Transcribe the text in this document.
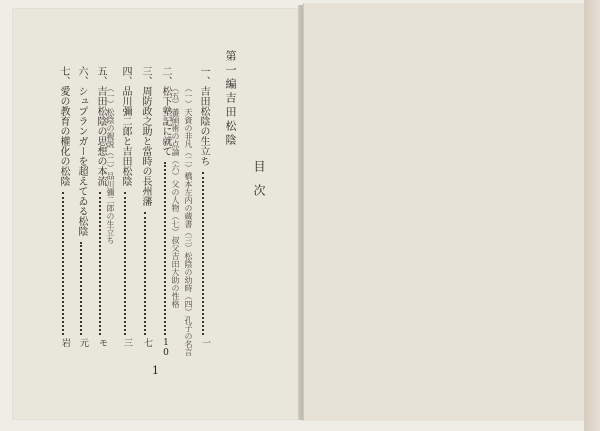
目次
第一編吉田松陰
一、吉田松陰の生立ち
（一）天資の非凡（二）橋本左内の蔵書（三）松陰の幼時（四）孔子の名言 一
（五）蕃碩術の点論（六）父の人物（七）叔父吉田大助の性格
二、松下塾記に就て
10
三、周防政之助と當時の長州藩
七
四、品川彌二郎と吉田松陰
（一）松陰の親説（二）品川彌二郎の生立ち
三
五、吉田松陰の思想の本流
モ
六、シュプランガーを超えてゐる松陰
元
七、愛の教育の權化の松陰
岩
1
